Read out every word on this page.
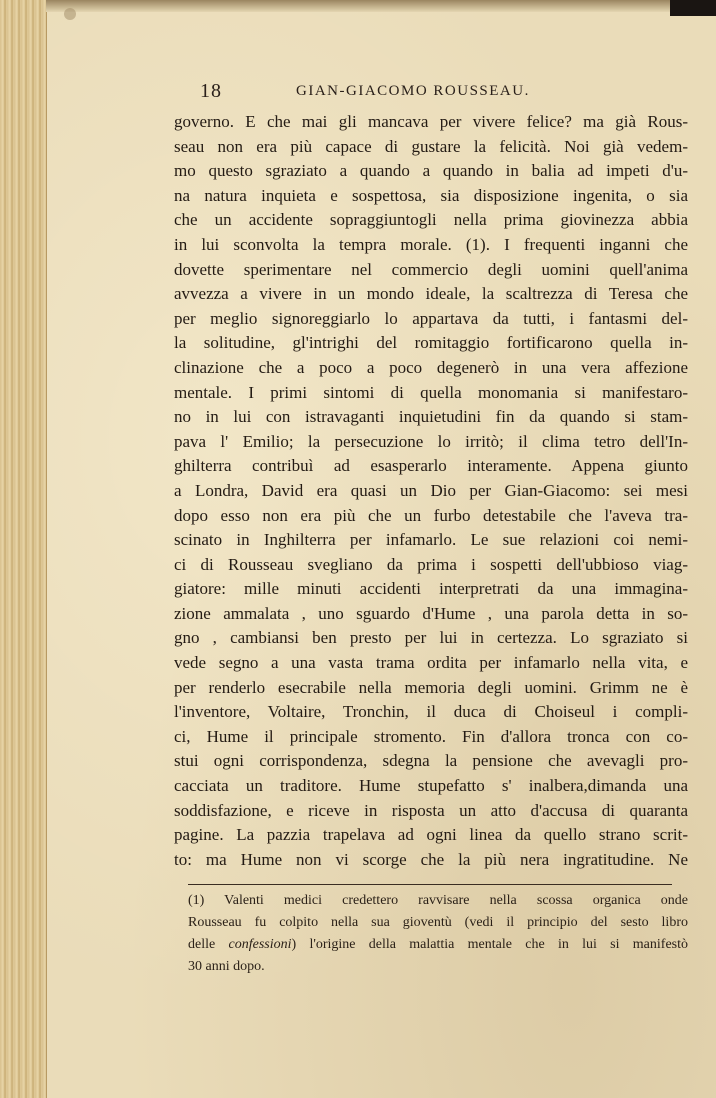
18	GIAN-GIACOMO ROUSSEAU.
governo. E che mai gli mancava per vivere felice? ma già Rous-
seau non era più capace di gustare la felicità. Noi già vedem-
mo questo sgraziato a quando a quando in balia ad impeti d'u-
na natura inquieta e sospettosa, sia disposizione ingenita, o sia
che un accidente sopraggiuntogli nella prima giovinezza abbia
in lui sconvolta la tempra morale. (1). I frequenti inganni che
dovette sperimentare nel commercio degli uomini quell'anima
avvezza a vivere in un mondo ideale, la scaltrezza di Teresa che
per meglio signoreggiarlo lo appartava da tutti, i fantasmi del-
la solitudine, gl'intrighi del romitaggio fortificarono quella in-
clinazione che a poco a poco degenerò in una vera affezione
mentale. I primi sintomi di quella monomania si manifestaro-
no in lui con istravaganti inquietudini fin da quando si stam-
pava l' Emilio; la persecuzione lo irritò; il clima tetro dell'In-
ghilterra contribuì ad esasperarlo interamente. Appena giunto
a Londra, David era quasi un Dio per Gian-Giacomo: sei mesi
dopo esso non era più che un furbo detestabile che l'aveva tra-
scinato in Inghilterra per infamarlo. Le sue relazioni coi nemi-
ci di Rousseau svegliano da prima i sospetti dell'ubbioso viag-
giatore: mille minuti accidenti interpretrati da una immagina-
zione ammalata , uno sguardo d'Hume , una parola detta in so-
gno , cambiansi ben presto per lui in certezza. Lo sgraziato si
vede segno a una vasta trama ordita per infamarlo nella vita, e
per renderlo esecrabile nella memoria degli uomini. Grimm ne è
l'inventore, Voltaire, Tronchin, il duca di Choiseul i compli-
ci, Hume il principale stromento. Fin d'allora tronca con co-
stui ogni corrispondenza, sdegna la pensione che avevagli pro-
cacciata un traditore. Hume stupefatto s' inalbera,dimanda una
soddisfazione, e riceve in risposta un atto d'accusa di quaranta
pagine. La pazzia trapelava ad ogni linea da quello strano scrit-
to: ma Hume non vi scorge che la più nera ingratitudine. Ne
(1) Valenti medici credettero ravvisare nella scossa organica onde
Rousseau fu colpito nella sua gioventù (vedi il principio del sesto libro
delle confessioni) l'origine della malattia mentale che in lui si manifestò
30 anni dopo.
